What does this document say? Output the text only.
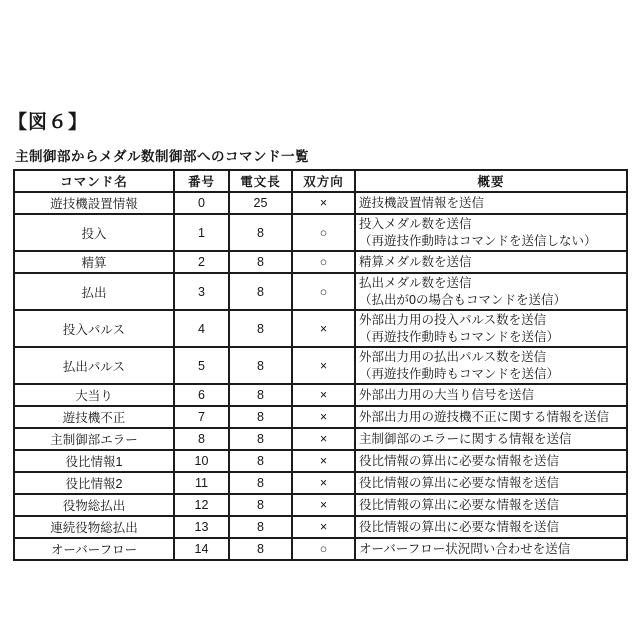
【図６】
主制御部からメダル数制御部へのコマンド一覧
コマンド名	番号	電文長	双方向	概要

遊技機設置情報	0	25	×	遊技機設置情報を送信

投入	1	8	○	投入メダル数を送信
（再遊技作動時はコマンドを送信しない）

精算	2	8	○	精算メダル数を送信

払出	3	8	○	払出メダル数を送信
（払出が0の場合もコマンドを送信）

投入パルス	4	8	×	外部出力用の投入パルス数を送信
（再遊技作動時もコマンドを送信）

払出パルス	5	8	×	外部出力用の払出パルス数を送信
（再遊技作動時もコマンドを送信）

大当り	6	8	×	外部出力用の大当り信号を送信

遊技機不正	7	8	×	外部出力用の遊技機不正に関する情報を送信

主制御部エラー	8	8	×	主制御部のエラーに関する情報を送信

役比情報1	10	8	×	役比情報の算出に必要な情報を送信

役比情報2	11	8	×	役比情報の算出に必要な情報を送信

役物総払出	12	8	×	役比情報の算出に必要な情報を送信

連続役物総払出	13	8	×	役比情報の算出に必要な情報を送信

オーバーフロー	14	8	○	オーバーフロー状況問い合わせを送信
